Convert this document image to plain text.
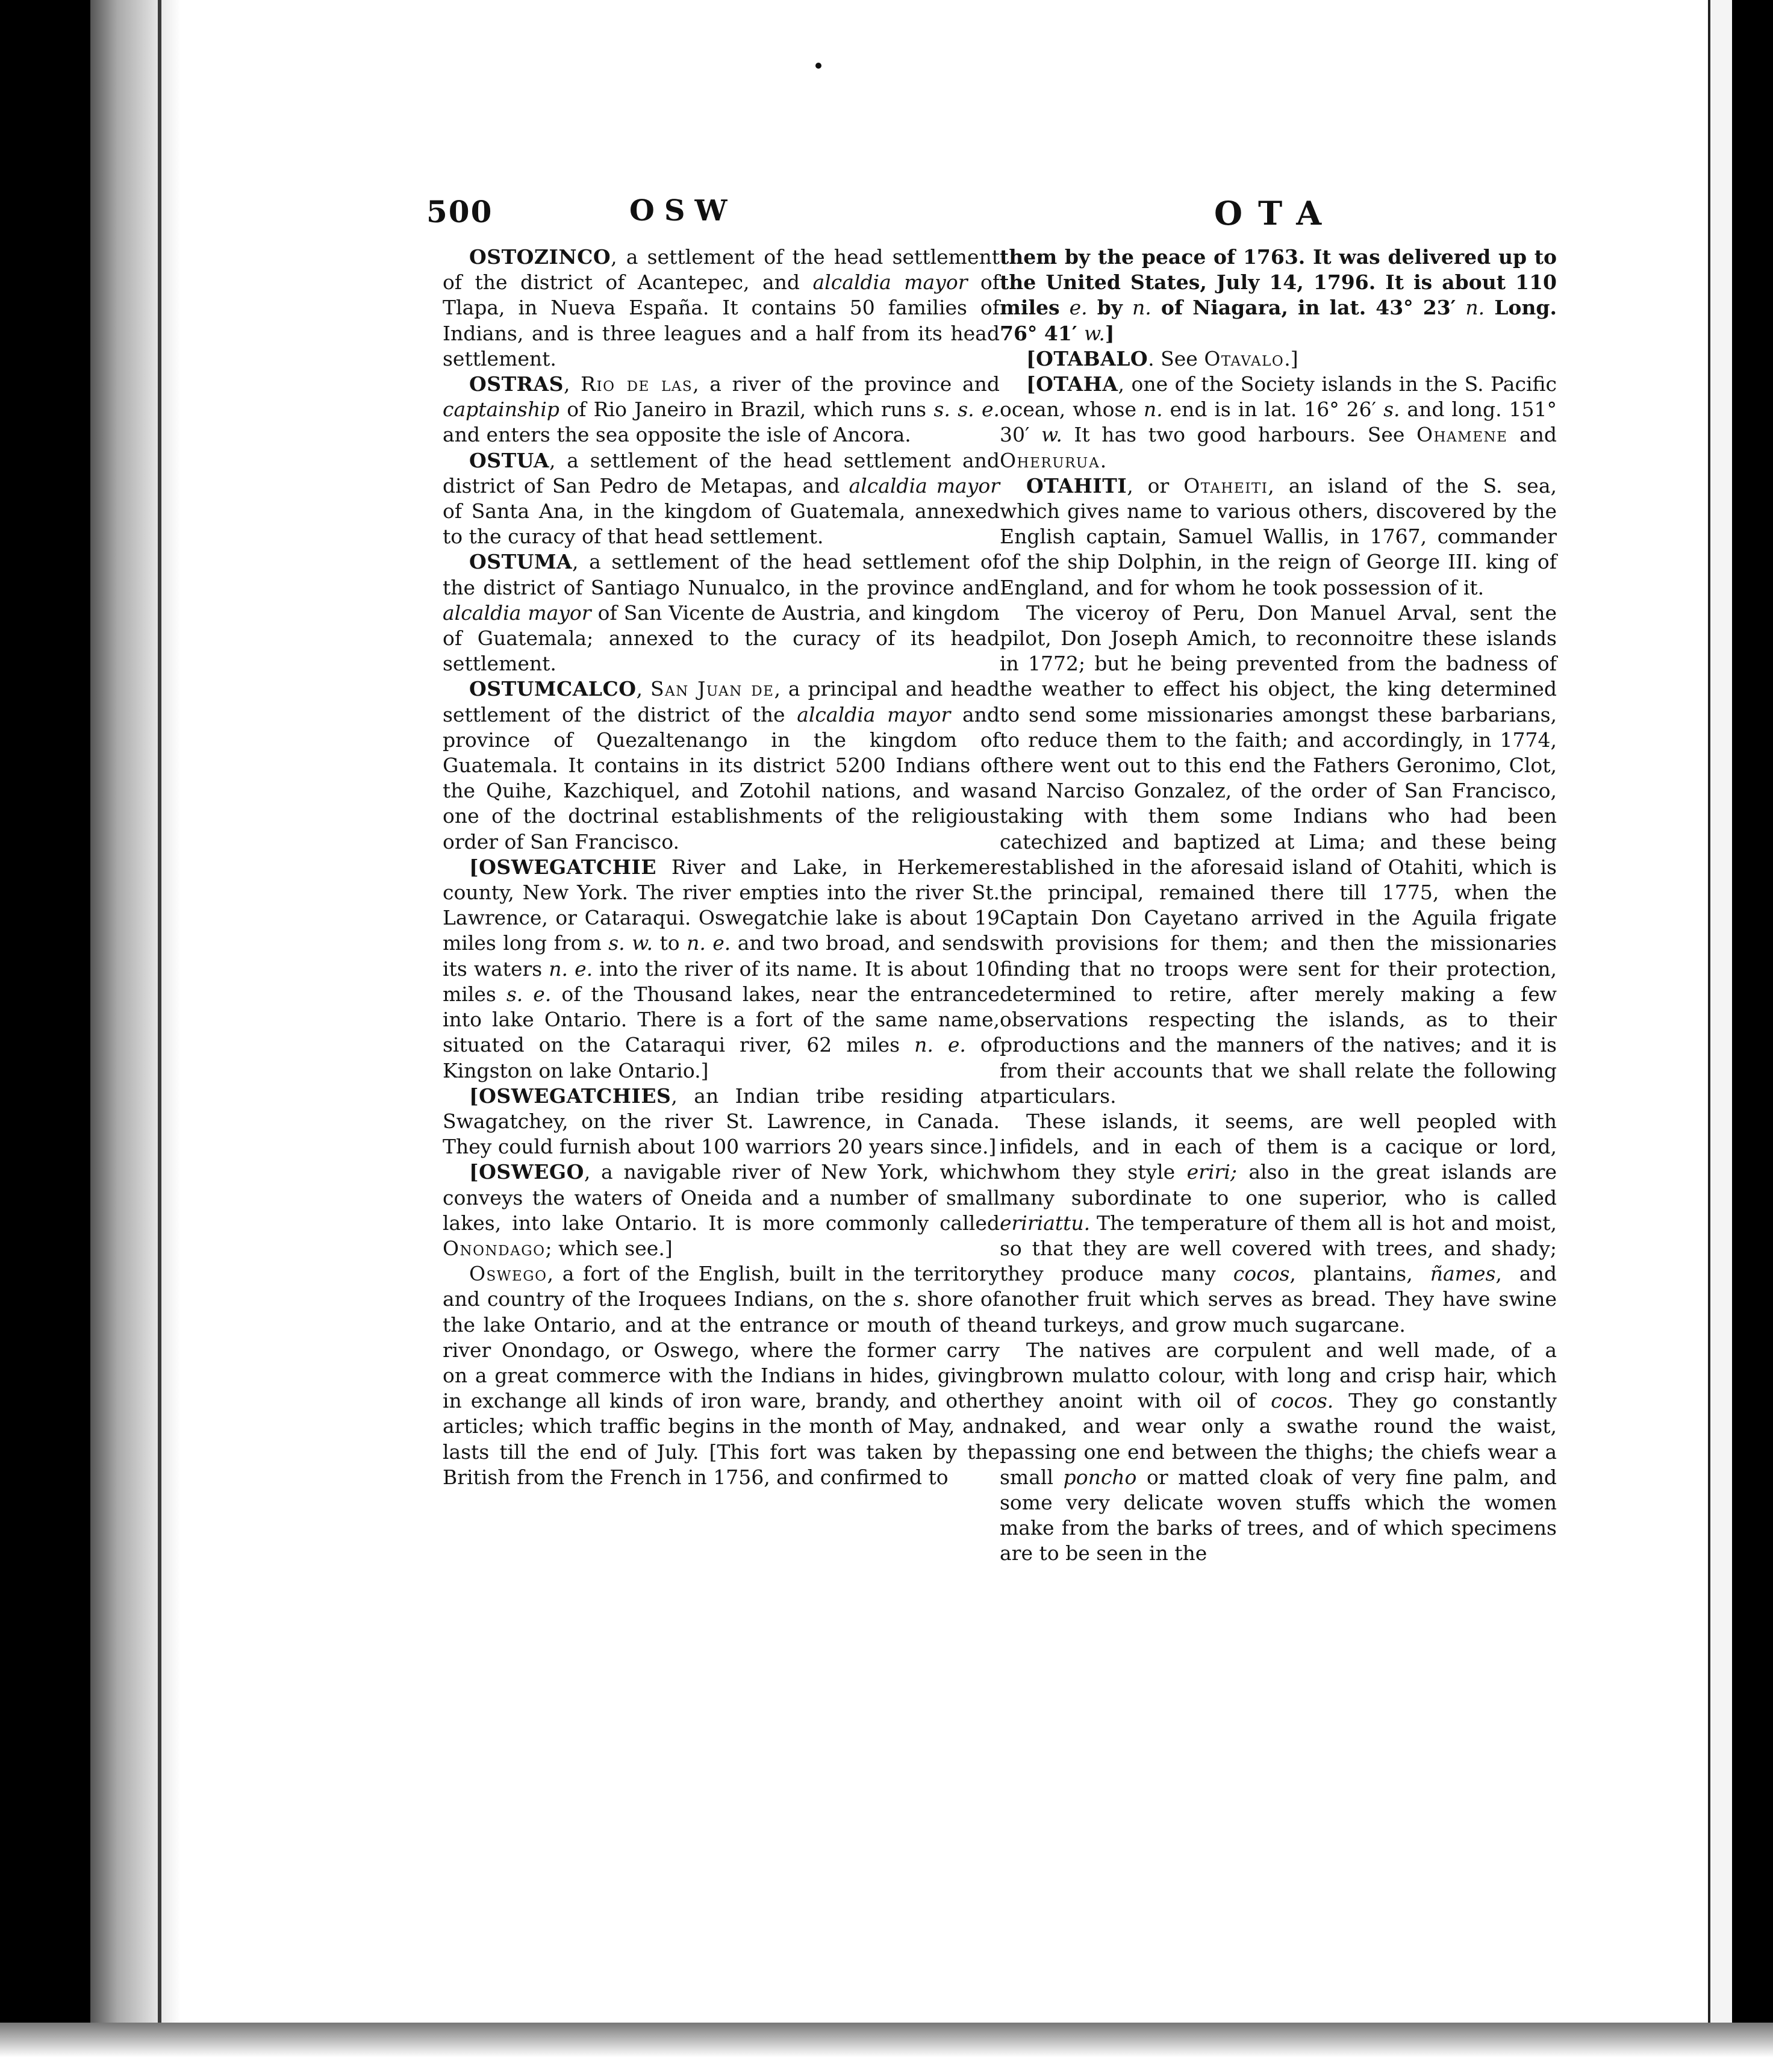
500	OSW	OTA

OSTOZINCO, a settlement of the head settlement of the district of Acantepec, and alcaldia mayor of Tlapa, in Nueva España. It contains 50 families of Indians, and is three leagues and a half from its head settlement.

OSTRAS, Rio de las, a river of the province and captainship of Rio Janeiro in Brazil, which runs s. s. e. and enters the sea opposite the isle of Ancora.

OSTUA, a settlement of the head settlement and district of San Pedro de Metapas, and alcaldia mayor of Santa Ana, in the kingdom of Guatemala, annexed to the curacy of that head settlement.

OSTUMA, a settlement of the head settlement of the district of Santiago Nunualco, in the province and alcaldia mayor of San Vicente de Austria, and kingdom of Guatemala; annexed to the curacy of its head settlement.

OSTUMCALCO, San Juan de, a principal and head settlement of the district of the alcaldia mayor and province of Quezaltenango in the kingdom of Guatemala. It contains in its district 5200 Indians of the Quihe, Kazchiquel, and Zotohil nations, and was one of the doctrinal establishments of the religious order of San Francisco.

[OSWEGATCHIE River and Lake, in Herkemer county, New York. The river empties into the river St. Lawrence, or Cataraqui. Oswegatchie lake is about 19 miles long from s. w. to n. e. and two broad, and sends its waters n. e. into the river of its name. It is about 10 miles s. e. of the Thousand lakes, near the entrance into lake Ontario. There is a fort of the same name, situated on the Cataraqui river, 62 miles n. e. of Kingston on lake Ontario.]

[OSWEGATCHIES, an Indian tribe residing at Swagatchey, on the river St. Lawrence, in Canada. They could furnish about 100 warriors 20 years since.]

[OSWEGO, a navigable river of New York, which conveys the waters of Oneida and a number of small lakes, into lake Ontario. It is more commonly called Onondago; which see.]

Oswego, a fort of the English, built in the territory and country of the Iroquees Indians, on the s. shore of the lake Ontario, and at the entrance or mouth of the river Onondago, or Oswego, where the former carry on a great commerce with the Indians in hides, giving in exchange all kinds of iron ware, brandy, and other articles; which traffic begins in the month of May, and lasts till the end of July. [This fort was taken by the British from the French in 1756, and confirmed to

them by the peace of 1763. It was delivered up to the United States, July 14, 1796. It is about 110 miles e. by n. of Niagara, in lat. 43° 23′ n. Long. 76° 41′ w.]

[OTABALO. See Otavalo.]

[OTAHA, one of the Society islands in the S. Pacific ocean, whose n. end is in lat. 16° 26′ s. and long. 151° 30′ w. It has two good harbours. See Ohamene and Oheruruа.

OTAHITI, or Otaheiti, an island of the S. sea, which gives name to various others, discovered by the English captain, Samuel Wallis, in 1767, commander of the ship Dolphin, in the reign of George III. king of England, and for whom he took possession of it.

The viceroy of Peru, Don Manuel Arval, sent the pilot, Don Joseph Amich, to reconnoitre these islands in 1772; but he being prevented from the badness of the weather to effect his object, the king determined to send some missionaries amongst these barbarians, to reduce them to the faith; and accordingly, in 1774, there went out to this end the Fathers Geronimo, Clot, and Narciso Gonzalez, of the order of San Francisco, taking with them some Indians who had been catechized and baptized at Lima; and these being established in the aforesaid island of Otahiti, which is the principal, remained there till 1775, when the Captain Don Cayetano arrived in the Aguila frigate with provisions for them; and then the missionaries finding that no troops were sent for their protection, determined to retire, after merely making a few observations respecting the islands, as to their productions and the manners of the natives; and it is from their accounts that we shall relate the following particulars.

These islands, it seems, are well peopled with infidels, and in each of them is a cacique or lord, whom they style eriri; also in the great islands are many subordinate to one superior, who is called eririattu. The temperature of them all is hot and moist, so that they are well covered with trees, and shady; they produce many cocos, plantains, ñames, and another fruit which serves as bread. They have swine and turkeys, and grow much sugarcane.

The natives are corpulent and well made, of a brown mulatto colour, with long and crisp hair, which they anoint with oil of cocos. They go constantly naked, and wear only a swathe round the waist, passing one end between the thighs; the chiefs wear a small poncho or matted cloak of very fine palm, and some very delicate woven stuffs which the women make from the barks of trees, and of which specimens are to be seen in the
